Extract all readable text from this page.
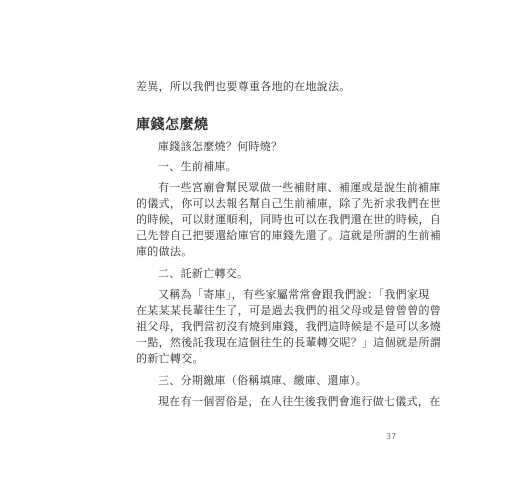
差異，所以我們也要尊重各地的在地說法。
庫錢怎麼燒
庫錢該怎麼燒？何時燒？
一、生前補庫。
有一些宮廟會幫民眾做一些補財庫、補運或是說生前補庫
的儀式，你可以去報名幫自己生前補庫，除了先祈求我們在世
的時候，可以財運順利，同時也可以在我們還在世的時候，自
己先替自己把要還給庫官的庫錢先還了。這就是所謂的生前補
庫的做法。
二、託新亡轉交。
又稱為「寄庫」，有些家屬常常會跟我們說：「我們家現
在某某某長輩往生了，可是過去我們的祖父母或是曾曾曾的曾
祖父母，我們當初沒有燒到庫錢，我們這時候是不是可以多燒
一點，然後託我現在這個往生的長輩轉交呢？」這個就是所謂
的新亡轉交。
三、分期繳庫（俗稱填庫、繳庫、還庫）。
現在有一個習俗是，在人往生後我們會進行做七儀式，在
37
